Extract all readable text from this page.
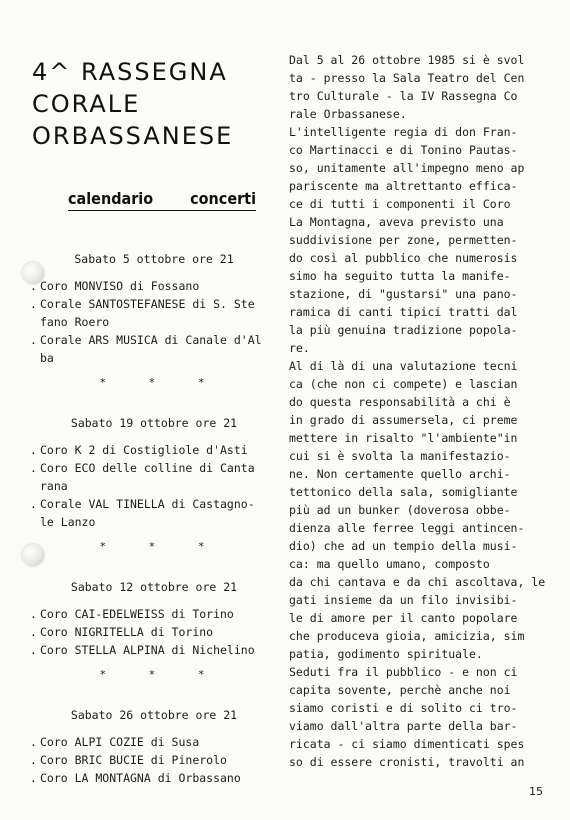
4^ RASSEGNA
CORALE
ORBASSANESE
calendario concerti
Sabato 5 ottobre ore 21
. Coro MONVISO di Fossano
. Corale SANTOSTEFANESE di S. Ste
fano Roero
. Corale ARS MUSICA di Canale d'Al
ba
* * *
Sabato 19 ottobre ore 21
. Coro K 2 di Costigliole d'Asti
. Coro ECO delle colline di Canta
rana
. Corale VAL TINELLA di Castagno-
le Lanzo
* * *
Sabato 12 ottobre ore 21
. Coro CAI-EDELWEISS di Torino
. Coro NIGRITELLA di Torino
. Coro STELLA ALPINA di Nichelino
* * *
Sabato 26 ottobre ore 21
. Coro ALPI COZIE di Susa
. Coro BRIC BUCIE di Pinerolo
. Coro LA MONTAGNA di Orbassano
Dal 5 al 26 ottobre 1985 si è svol
ta - presso la Sala Teatro del Cen
tro Culturale - la IV Rassegna Co
rale Orbassanese.
L'intelligente regia di don Fran-
co Martinacci e di Tonino Pautas-
so, unitamente all'impegno meno ap
pariscente ma altrettanto effica-
ce di tutti i componenti il Coro
La Montagna, aveva previsto una
suddivisione per zone, permetten-
do così al pubblico che numerosis
simo ha seguito tutta la manife-
stazione, di "gustarsi" una pano-
ramica di canti tipici tratti dal
la più genuina tradizione popola-
re.
Al di là di una valutazione tecni
ca (che non ci compete) e lascian
do questa responsabilità a chi è
in grado di assumersela, ci preme
mettere in risalto "l'ambiente"in
cui si è svolta la manifestazio-
ne. Non certamente quello archi-
tettonico della sala, somigliante
più ad un bunker (doverosa obbe-
dienza alle ferree leggi antincen-
dio) che ad un tempio della musi-
ca: ma quello umano, composto
da chi cantava e da chi ascoltava, le
gati insieme da un filo invisibi-
le di amore per il canto popolare
che produceva gioia, amicizia, sim
patia, godimento spirituale.
Seduti fra il pubblico - e non ci
capita sovente, perchè anche noi
siamo coristi e di solito ci tro-
viamo dall'altra parte della bar-
ricata - ci siamo dimenticati spes
so di essere cronisti, travolti an
15
